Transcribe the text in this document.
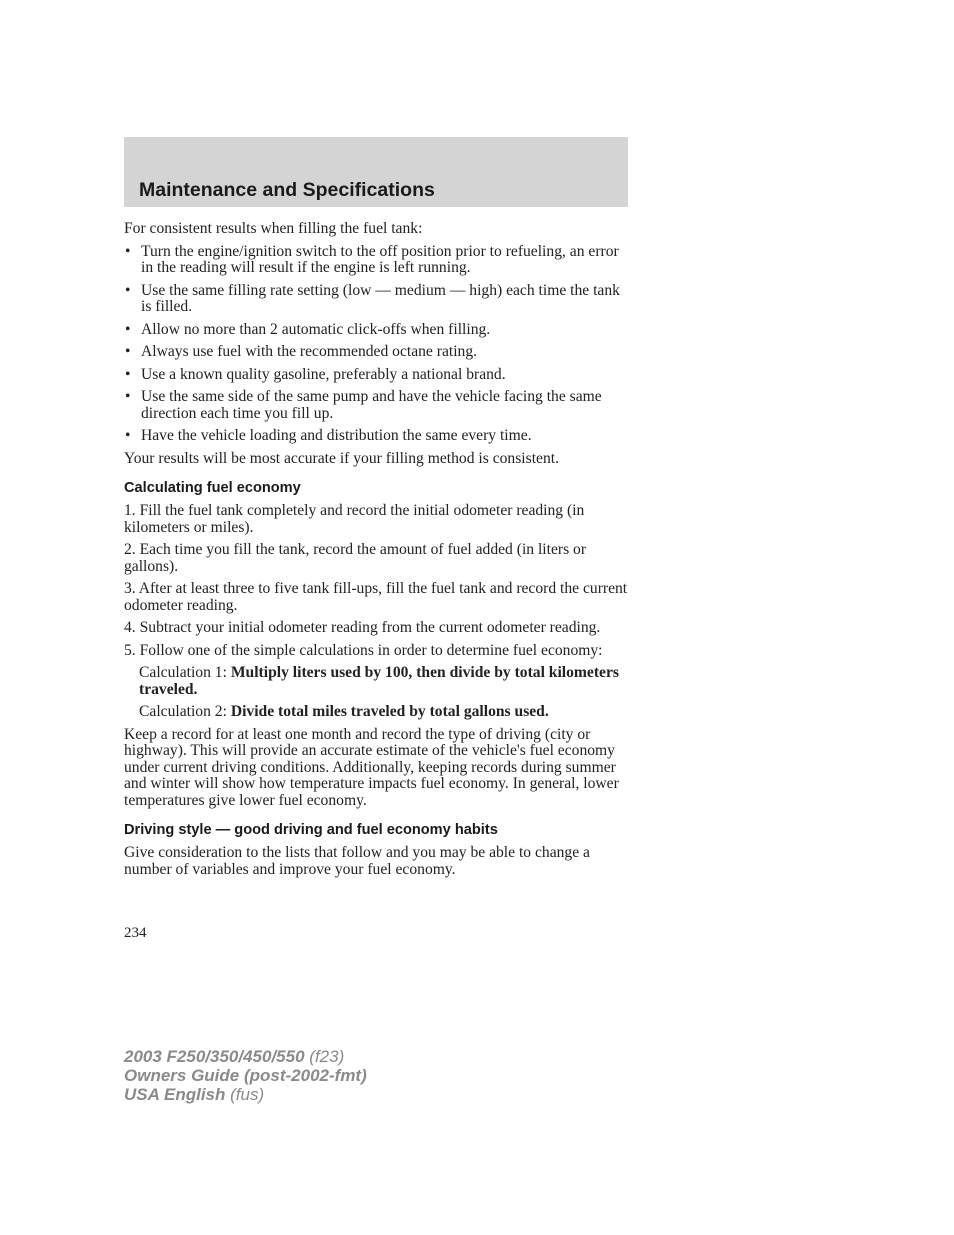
Maintenance and Specifications

For consistent results when filling the fuel tank:

• Turn the engine/ignition switch to the off position prior to refueling, an error in the reading will result if the engine is left running.
• Use the same filling rate setting (low — medium — high) each time the tank is filled.
• Allow no more than 2 automatic click-offs when filling.
• Always use fuel with the recommended octane rating.
• Use a known quality gasoline, preferably a national brand.
• Use the same side of the same pump and have the vehicle facing the same direction each time you fill up.
• Have the vehicle loading and distribution the same every time.

Your results will be most accurate if your filling method is consistent.

Calculating fuel economy

1. Fill the fuel tank completely and record the initial odometer reading (in kilometers or miles).

2. Each time you fill the tank, record the amount of fuel added (in liters or gallons).

3. After at least three to five tank fill-ups, fill the fuel tank and record the current odometer reading.

4. Subtract your initial odometer reading from the current odometer reading.

5. Follow one of the simple calculations in order to determine fuel economy:

Calculation 1: Multiply liters used by 100, then divide by total kilometers traveled.

Calculation 2: Divide total miles traveled by total gallons used.

Keep a record for at least one month and record the type of driving (city or highway). This will provide an accurate estimate of the vehicle's fuel economy under current driving conditions. Additionally, keeping records during summer and winter will show how temperature impacts fuel economy. In general, lower temperatures give lower fuel economy.

Driving style — good driving and fuel economy habits

Give consideration to the lists that follow and you may be able to change a number of variables and improve your fuel economy.

234
2003 F250/350/450/550 (f23)
Owners Guide (post-2002-fmt)
USA English (fus)
